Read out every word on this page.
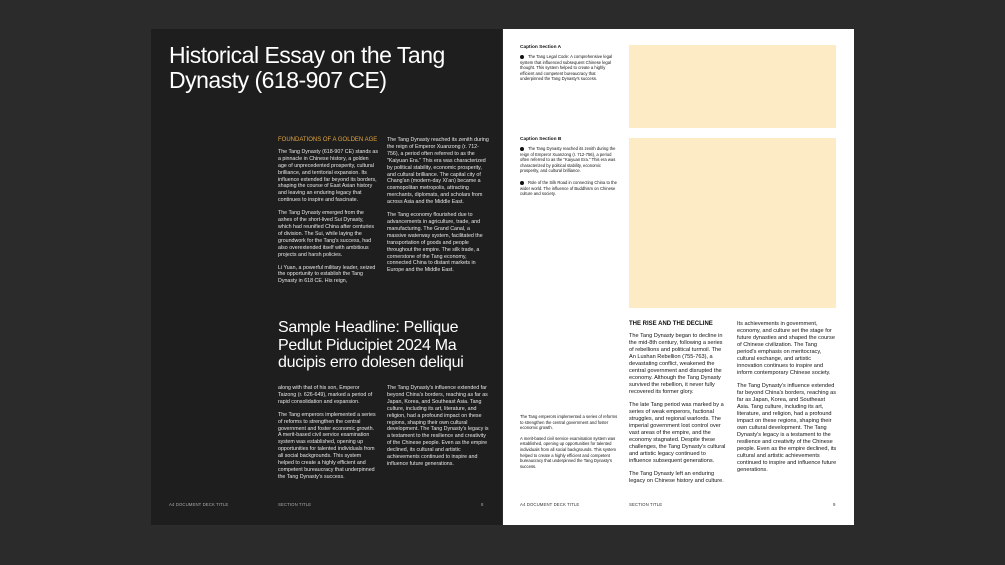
Historical Essay on the Tang Dynasty (618-907 CE)
FOUNDATIONS OF A GOLDEN AGE

The Tang Dynasty (618-907 CE) stands as a pinnacle in Chinese history, a golden age of unprecedented prosperity, cultural brilliance, and territorial expansion. Its influence extended far beyond its borders, shaping the course of East Asian history and leaving an enduring legacy that continues to inspire and fascinate.

The Tang Dynasty emerged from the ashes of the short-lived Sui Dynasty, which had reunified China after centuries of division. The Sui, while laying the groundwork for the Tang's success, had also overextended itself with ambitious projects and harsh policies.

Li Yuan, a powerful military leader, seized the opportunity to establish the Tang Dynasty in 618 CE. His reign,

The Tang Dynasty reached its zenith during the reign of Emperor Xuanzong (r. 712-756), a period often referred to as the "Kaiyuan Era." This era was characterized by political stability, economic prosperity, and cultural brilliance. The capital city of Chang'an (modern-day Xi'an) became a cosmopolitan metropolis, attracting merchants, diplomats, and scholars from across Asia and the Middle East.

The Tang economy flourished due to advancements in agriculture, trade, and manufacturing. The Grand Canal, a massive waterway system, facilitated the transportation of goods and people throughout the empire. The silk trade, a cornerstone of the Tang economy, connected China to distant markets in Europe and the Middle East.

Sample Headline: Pellique Pedlut Piducipiet 2024 Ma ducipis erro dolesen deliqui

along with that of his son, Emperor Taizong (r. 626-649), marked a period of rapid consolidation and expansion.

The Tang emperors implemented a series of reforms to strengthen the central government and foster economic growth. A merit-based civil service examination system was established, opening up opportunities for talented individuals from all social backgrounds. This system helped to create a highly efficient and competent bureaucracy that underpinned the Tang Dynasty's success.

The Tang Dynasty's influence extended far beyond China's borders, reaching as far as Japan, Korea, and Southeast Asia. Tang culture, including its art, literature, and religion, had a profound impact on these regions, shaping their own cultural development. The Tang Dynasty's legacy is a testament to the resilience and creativity of the Chinese people. Even as the empire declined, its cultural and artistic achievements continued to inspire and influence future generations.

A4 DOCUMENT DECK TITLE	SECTION TITLE	8
Caption Section A
The Tang Legal Code: A comprehensive legal system that influenced subsequent Chinese legal thought. This system helped to create a highly efficient and competent bureaucracy that underpinned the Tang Dynasty's success.
Caption Section B
The Tang Dynasty reached its zenith during the reign of Emperor Xuanzong (r. 712-756), a period often referred to as the "Kaiyuan Era." This era was characterized by political stability, economic prosperity, and cultural brilliance.
Role of the Silk Road in connecting China to the wider world. The influence of Buddhism on Chinese culture and society.
The Tang emperors implemented a series of reforms to strengthen the central government and foster economic growth.
A merit-based civil service examination system was established, opening up opportunities for talented individuals from all social backgrounds. This system helped to create a highly efficient and competent bureaucracy that underpinned the Tang Dynasty's success.
THE RISE AND THE DECLINE

The Tang Dynasty began to decline in the mid-8th century, following a series of rebellions and political turmoil. The An Lushan Rebellion (755-763), a devastating conflict, weakened the central government and disrupted the economy. Although the Tang Dynasty survived the rebellion, it never fully recovered its former glory.

The late Tang period was marked by a series of weak emperors, factional struggles, and regional warlords. The imperial government lost control over vast areas of the empire, and the economy stagnated. Despite these challenges, the Tang Dynasty's cultural and artistic legacy continued to influence subsequent generations.

The Tang Dynasty left an enduring legacy on Chinese history and culture.

Its achievements in government, economy, and culture set the stage for future dynasties and shaped the course of Chinese civilization. The Tang period's emphasis on meritocracy, cultural exchange, and artistic innovation continues to inspire and inform contemporary Chinese society.

The Tang Dynasty's influence extended far beyond China's borders, reaching as far as Japan, Korea, and Southeast Asia. Tang culture, including its art, literature, and religion, had a profound impact on these regions, shaping their own cultural development. The Tang Dynasty's legacy is a testament to the resilience and creativity of the Chinese people. Even as the empire declined, its cultural and artistic achievements continued to inspire and influence future generations.

A4 DOCUMENT DECK TITLE	SECTION TITLE	9
